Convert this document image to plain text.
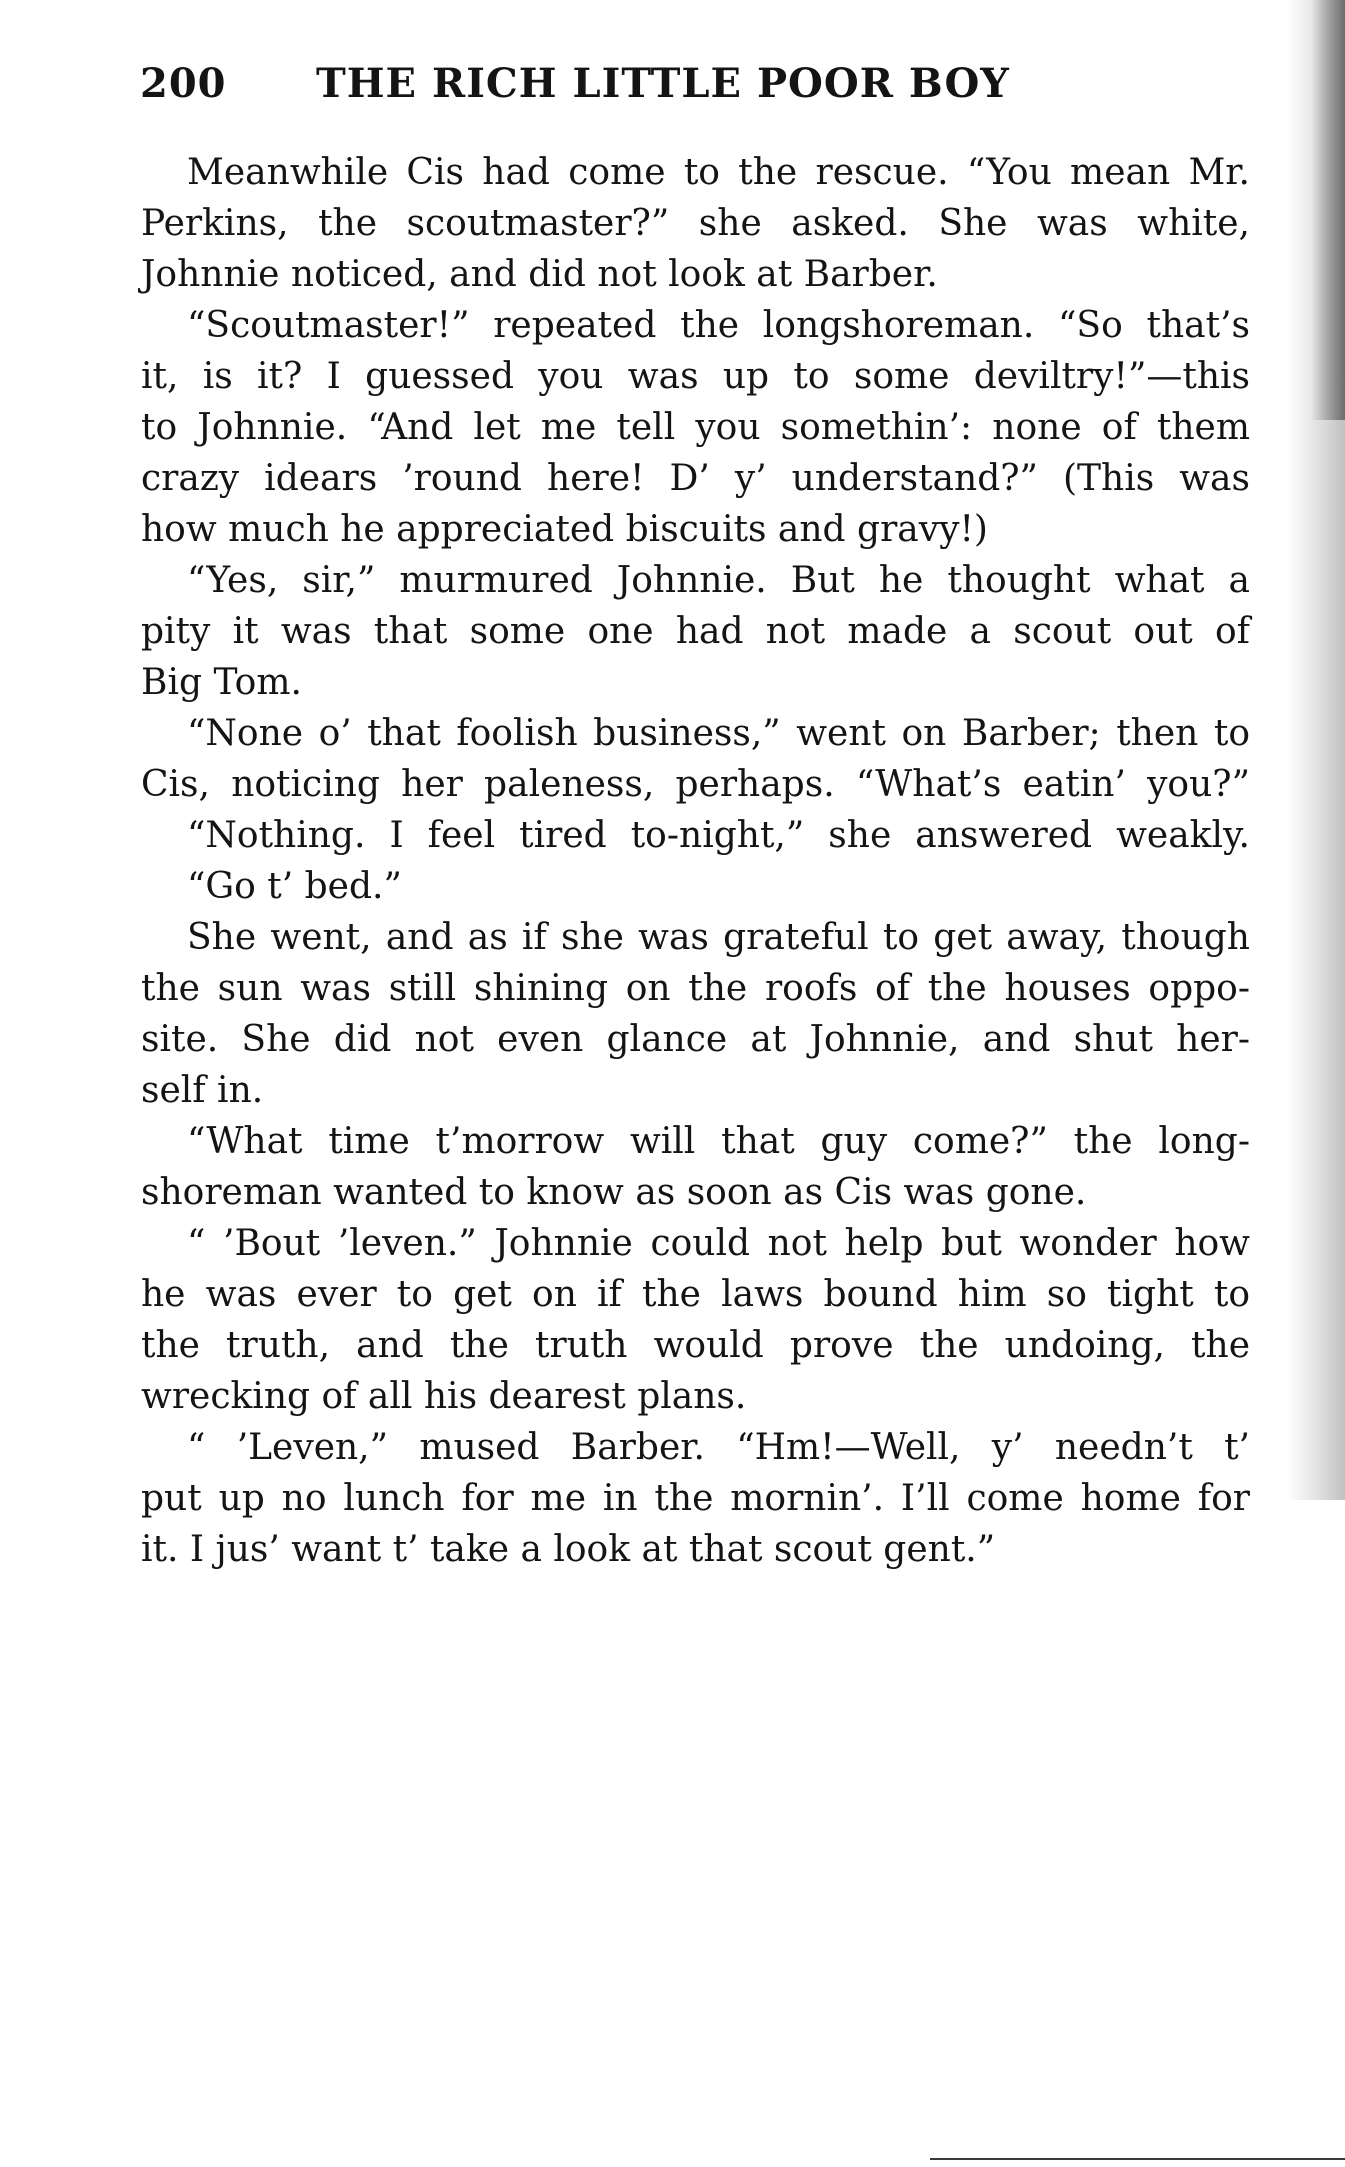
200 THE RICH LITTLE POOR BOY
Meanwhile Cis had come to the rescue. “You mean Mr.
Perkins, the scoutmaster?” she asked. She was white,
Johnnie noticed, and did not look at Barber.
“Scoutmaster!” repeated the longshoreman. “So that’s
it, is it? I guessed you was up to some deviltry!”—this
to Johnnie. “And let me tell you somethin’: none of them
crazy idears ’round here! D’ y’ understand?” (This was
how much he appreciated biscuits and gravy!)
“Yes, sir,” murmured Johnnie. But he thought what a
pity it was that some one had not made a scout out of
Big Tom.
“None o’ that foolish business,” went on Barber; then to
Cis, noticing her paleness, perhaps. “What’s eatin’ you?”
“Nothing. I feel tired to-night,” she answered weakly.
“Go t’ bed.”
She went, and as if she was grateful to get away, though
the sun was still shining on the roofs of the houses oppo-
site. She did not even glance at Johnnie, and shut her-
self in.
“What time t’morrow will that guy come?” the long-
shoreman wanted to know as soon as Cis was gone.
“ ’Bout ’leven.” Johnnie could not help but wonder how
he was ever to get on if the laws bound him so tight to
the truth, and the truth would prove the undoing, the
wrecking of all his dearest plans.
“ ’Leven,” mused Barber. “Hm!—Well, y’ needn’t t’
put up no lunch for me in the mornin’. I’ll come home for
it. I jus’ want t’ take a look at that scout gent.”
